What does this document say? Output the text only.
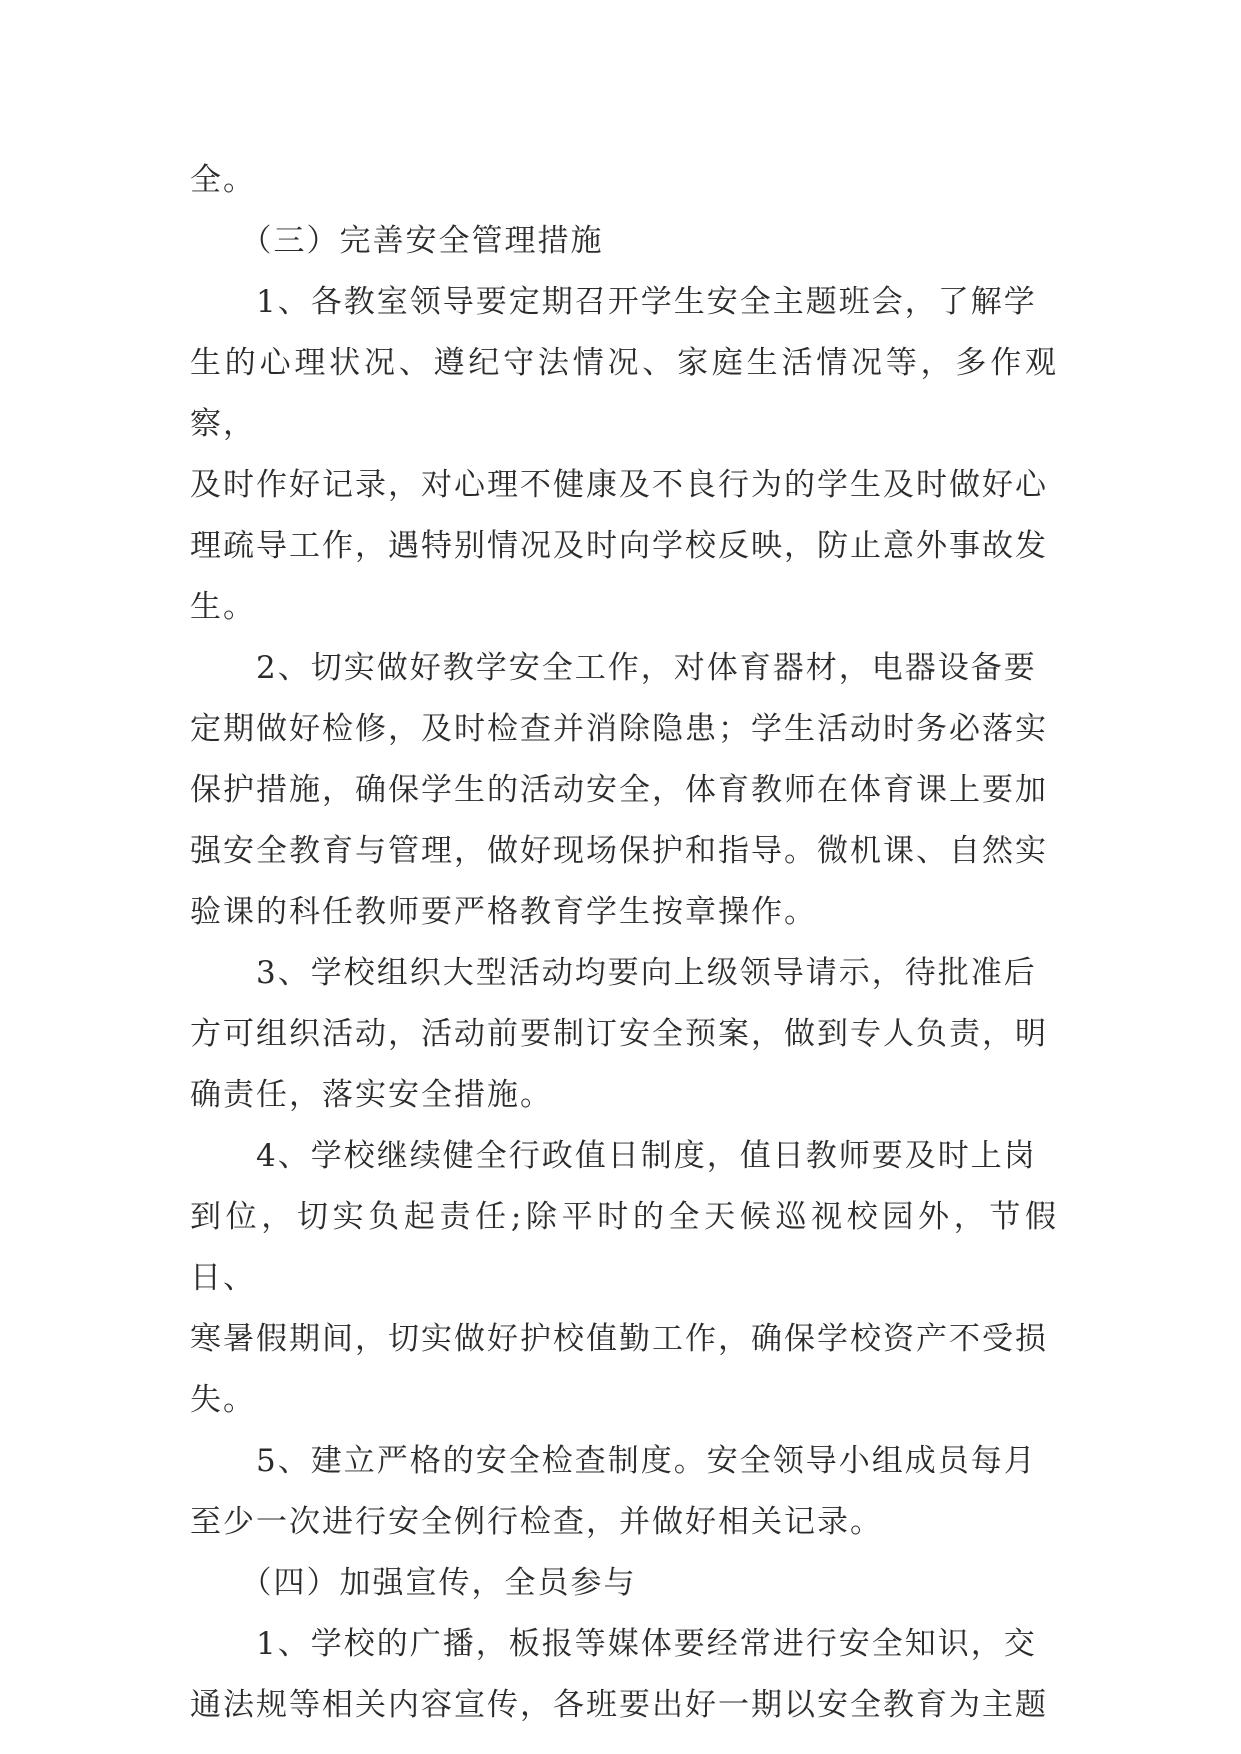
全。

　　（三）完善安全管理措施

　　1、各教室领导要定期召开学生安全主题班会，了解学

生的心理状况、遵纪守法情况、家庭生活情况等，多作观察，

及时作好记录，对心理不健康及不良行为的学生及时做好心

理疏导工作，遇特别情况及时向学校反映，防止意外事故发

生。

　　2、切实做好教学安全工作，对体育器材，电器设备要

定期做好检修，及时检查并消除隐患；学生活动时务必落实

保护措施，确保学生的活动安全，体育教师在体育课上要加

强安全教育与管理，做好现场保护和指导。微机课、自然实

验课的科任教师要严格教育学生按章操作。

　　3、学校组织大型活动均要向上级领导请示，待批准后

方可组织活动，活动前要制订安全预案，做到专人负责，明

确责任，落实安全措施。

　　4、学校继续健全行政值日制度，值日教师要及时上岗

到位，切实负起责任;除平时的全天候巡视校园外，节假日、

寒暑假期间，切实做好护校值勤工作，确保学校资产不受损

失。

　　5、建立严格的安全检查制度。安全领导小组成员每月

至少一次进行安全例行检查，并做好相关记录。

　　（四）加强宣传，全员参与

　　1、学校的广播，板报等媒体要经常进行安全知识，交

通法规等相关内容宣传，各班要出好一期以安全教育为主题
